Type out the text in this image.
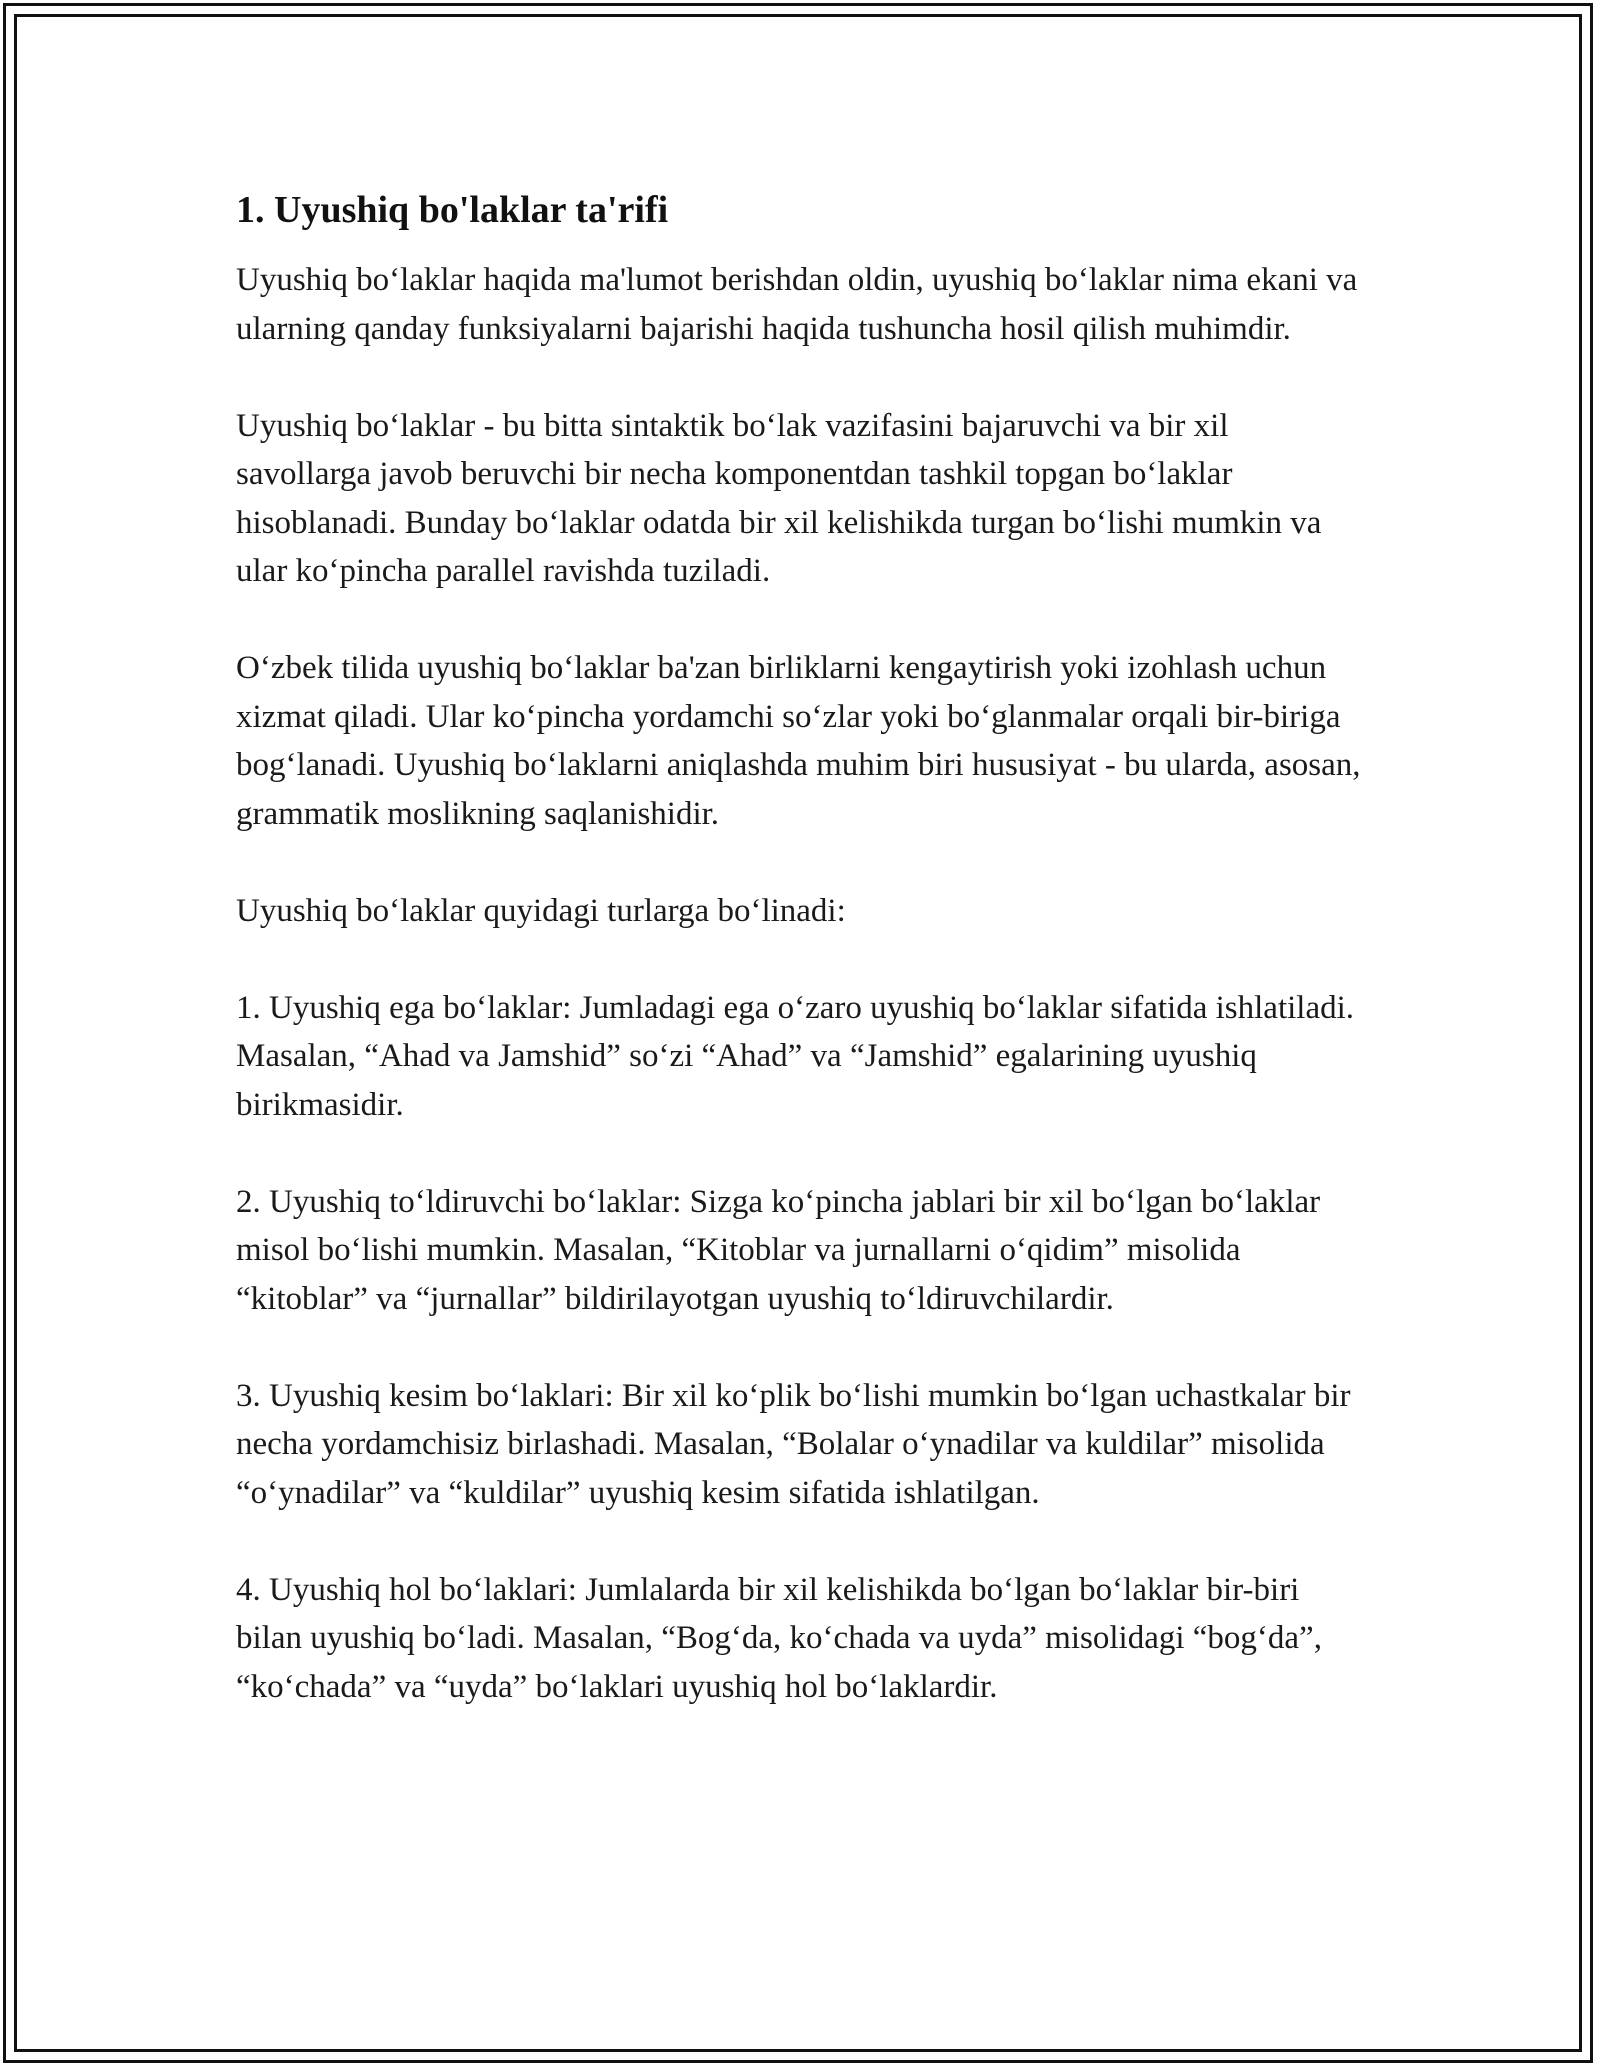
1. Uyushiq bo'laklar ta'rifi

Uyushiq bo‘laklar haqida ma'lumot berishdan oldin, uyushiq bo‘laklar nima ekani va ularning qanday funksiyalarni bajarishi haqida tushuncha hosil qilish muhimdir.

Uyushiq bo‘laklar - bu bitta sintaktik bo‘lak vazifasini bajaruvchi va bir xil savollarga javob beruvchi bir necha komponentdan tashkil topgan bo‘laklar hisoblanadi. Bunday bo‘laklar odatda bir xil kelishikda turgan bo‘lishi mumkin va ular ko‘pincha parallel ravishda tuziladi.

O‘zbek tilida uyushiq bo‘laklar ba'zan birliklarni kengaytirish yoki izohlash uchun xizmat qiladi. Ular ko‘pincha yordamchi so‘zlar yoki bo‘glanmalar orqali bir-biriga bog‘lanadi. Uyushiq bo‘laklarni aniqlashda muhim biri hususiyat - bu ularda, asosan, grammatik moslikning saqlanishidir.

Uyushiq bo‘laklar quyidagi turlarga bo‘linadi:

1. Uyushiq ega bo‘laklar: Jumladagi ega o‘zaro uyushiq bo‘laklar sifatida ishlatiladi. Masalan, “Ahad va Jamshid” so‘zi “Ahad” va “Jamshid” egalarining uyushiq birikmasidir.

2. Uyushiq to‘ldiruvchi bo‘laklar: Sizga ko‘pincha jablari bir xil bo‘lgan bo‘laklar misol bo‘lishi mumkin. Masalan, “Kitoblar va jurnallarni o‘qidim” misolida “kitoblar” va “jurnallar” bildirilayotgan uyushiq to‘ldiruvchilardir.

3. Uyushiq kesim bo‘laklari: Bir xil ko‘plik bo‘lishi mumkin bo‘lgan uchastkalar bir necha yordamchisiz birlashadi. Masalan, “Bolalar o‘ynadilar va kuldilar” misolida “o‘ynadilar” va “kuldilar” uyushiq kesim sifatida ishlatilgan.

4. Uyushiq hol bo‘laklari: Jumlalarda bir xil kelishikda bo‘lgan bo‘laklar bir-biri bilan uyushiq bo‘ladi. Masalan, “Bog‘da, ko‘chada va uyda” misolidagi “bog‘da”, “ko‘chada” va “uyda” bo‘laklari uyushiq hol bo‘laklardir.
